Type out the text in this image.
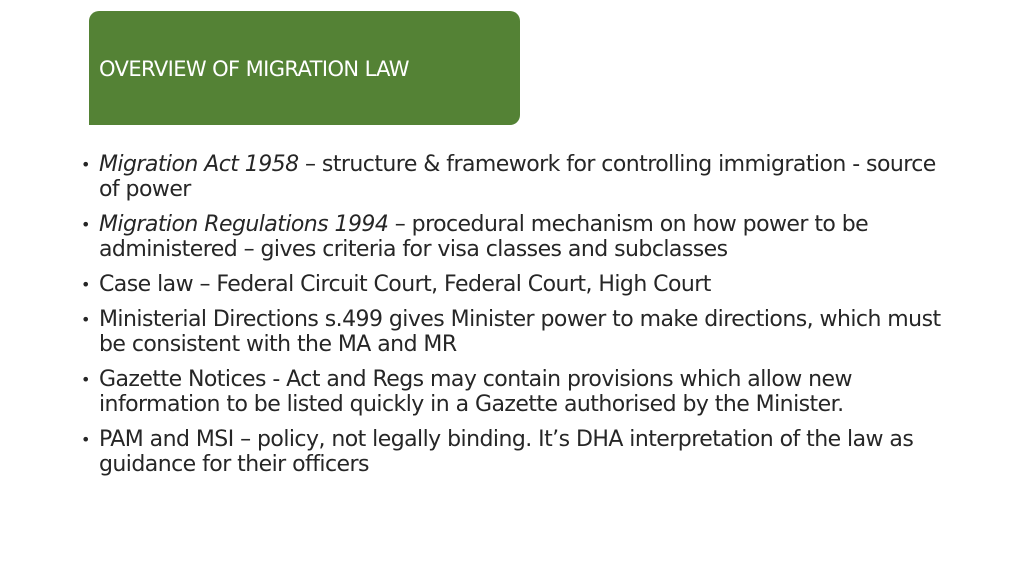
OVERVIEW OF MIGRATION LAW
• Migration Act 1958 – structure & framework for controlling immigration - source of power
• Migration Regulations 1994 – procedural mechanism on how power to be administered – gives criteria for visa classes and subclasses
• Case law – Federal Circuit Court, Federal Court, High Court
• Ministerial Directions s.499 gives Minister power to make directions, which must be consistent with the MA and MR
• Gazette Notices - Act and Regs may contain provisions which allow new information to be listed quickly in a Gazette authorised by the Minister.
• PAM and MSI – policy, not legally binding. It’s DHA interpretation of the law as guidance for their officers
